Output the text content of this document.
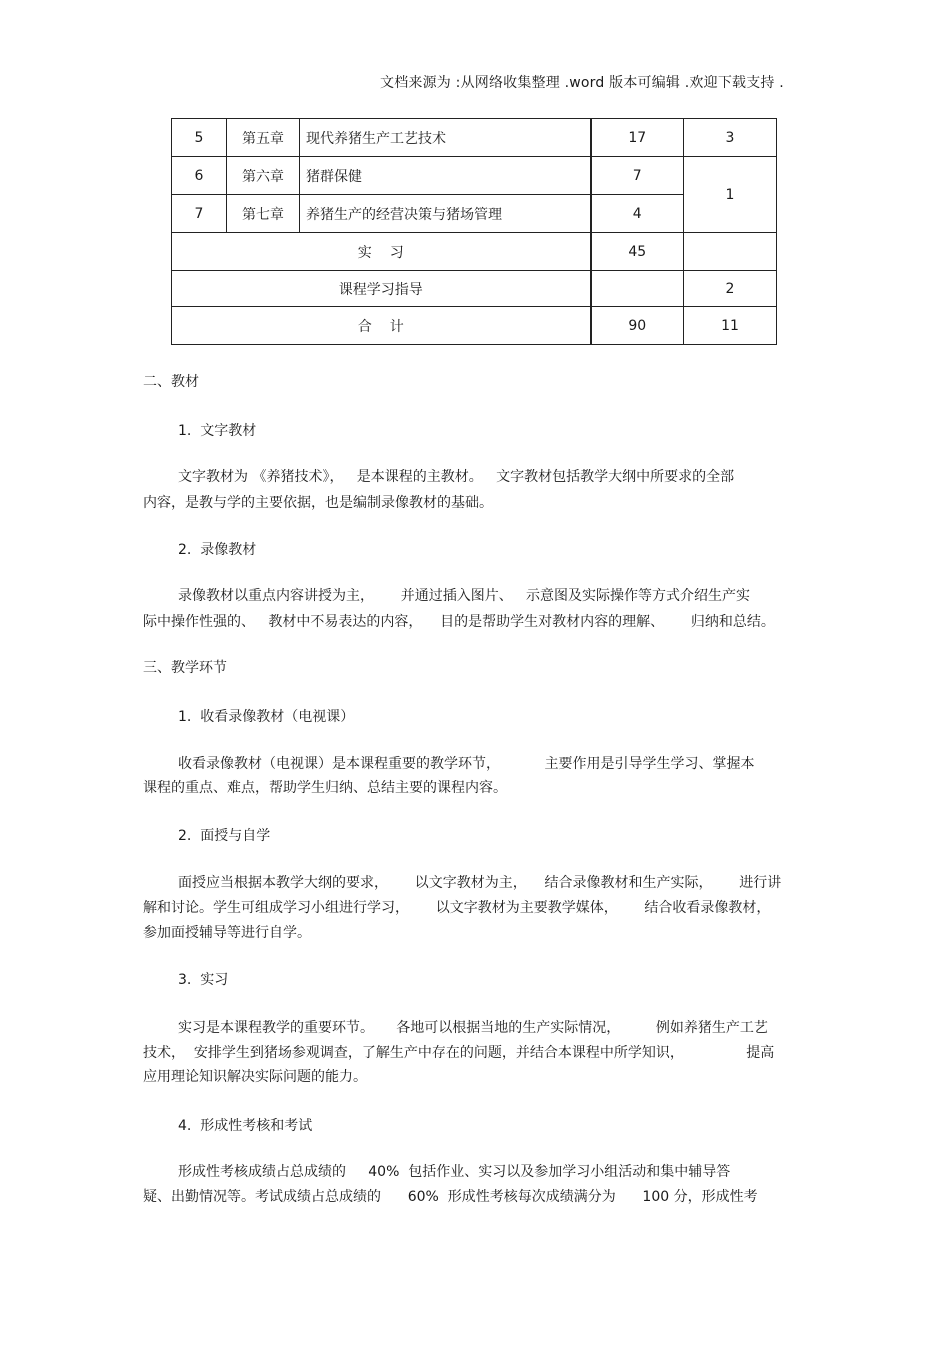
文档来源为 :从网络收集整理 .word 版本可编辑 .欢迎下载支持 .
5	第五章	现代养猪生产工艺技术	17	3
6	第六章	猪群保健	7	1
7	第七章	养猪生产的经营决策与猪场管理	4	
实习			45	
课程学习指导				2
合计			90	11
二、教材
1.  文字教材
文字教材为 《养猪技术》，   是本课程的主教材。   文字教材包括教学大纲中所要求的全部
内容，是教与学的主要依据，也是编制录像教材的基础。
2.  录像教材
录像教材以重点内容讲授为主，      并通过插入图片、   示意图及实际操作等方式介绍生产实
际中操作性强的、   教材中不易表达的内容，    目的是帮助学生对教材内容的理解、      归纳和总结。
三、教学环节
1.  收看录像教材（电视课）
收看录像教材（电视课）是本课程重要的教学环节，          主要作用是引导学生学习、掌握本
课程的重点、难点，帮助学生归纳、总结主要的课程内容。
2.  面授与自学
面授应当根据本教学大纲的要求，      以文字教材为主，    结合录像教材和生产实际，      进行讲
解和讨论。学生可组成学习小组进行学习，      以文字教材为主要教学媒体，      结合收看录像教材，
参加面授辅导等进行自学。
3.  实习
实习是本课程教学的重要环节。     各地可以根据当地的生产实际情况，        例如养猪生产工艺
技术，  安排学生到猪场参观调查，了解生产中存在的问题，并结合本课程中所学知识，              提高
应用理论知识解决实际问题的能力。
4.  形成性考核和考试
形成性考核成绩占总成绩的     40%  包括作业、实习以及参加学习小组活动和集中辅导答
疑、出勤情况等。考试成绩占总成绩的      60%  形成性考核每次成绩满分为      100 分，形成性考
